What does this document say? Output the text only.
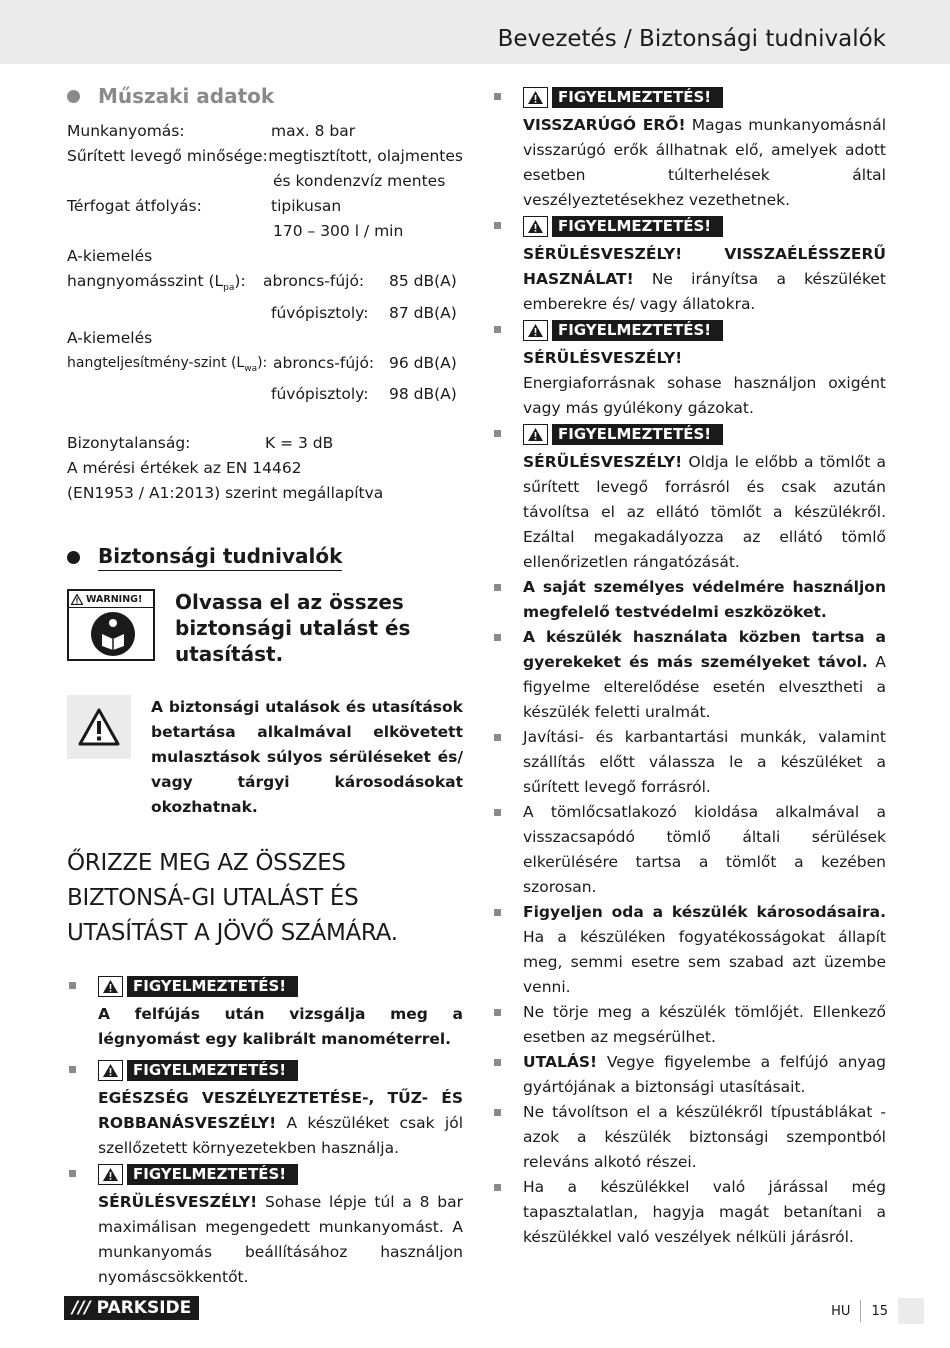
Bevezetés / Biztonsági tudnivalók
Műszaki adatok
Munkanyomás:	max. 8 bar
Sűrített levegő minősége: megtisztított, olajmentes
és kondenzvíz mentes
Térfogat átfolyás:	tipikusan
170 – 300 l / min
A-kiemelés
hangnyomásszint $(L_{pa})$:	abroncs-fújó:	85 dB(A)
fúvópisztoly:	87 dB(A)
A-kiemelés
hangteljesítmény-szint $(L_{wa})$: abroncs-fújó: 96 dB(A)
fúvópisztoly:	98 dB(A)
Bizonytalanság:	K = 3 dB
A mérési értékek az EN 14462
(EN1953 / A1:2013) szerint megállapítva
Biztonsági tudnivalók
WARNING! Olvassa el az összes biztonsági utalást és utasítást.
A biztonsági utalások és utasítások betartása alkalmával elkövetett mulasztások súlyos sérüléseket és/ vagy tárgyi károsodásokat okozhatnak.
ŐRIZZE MEG AZ ÖSSZES BIZTONSÁ-GI UTALÁST ÉS UTASÍTÁST A JÖVŐ SZÁMÁRA.
FIGYELMEZTETÉS!
A felfújás után vizsgálja meg a légnyomást egy kalibrált manométerrel.
FIGYELMEZTETÉS!
EGÉSZSÉG VESZÉLYEZTETÉSE-, TŰZ- ÉS ROBBANÁSVESZÉLY! A készüléket csak jól szellőzetett környezetekben használja.
FIGYELMEZTETÉS!
SÉRÜLÉSVESZÉLY! Sohase lépje túl a 8 bar maximálisan megengedett munkanyomást. A munkanyomás beállításához használjon nyomáscsökkentőt.
FIGYELMEZTETÉS!
VISSZARÚGÓ ERŐ! Magas munkanyomásnál visszarúgó erők állhatnak elő, amelyek adott esetben túlterhelések által veszélyeztetésekhez vezethetnek.
FIGYELMEZTETÉS!
SÉRÜLÉSVESZÉLY! VISSZAÉLÉSSZERŰ HASZNÁLAT! Ne irányítsa a készüléket emberekre és/ vagy állatokra.
FIGYELMEZTETÉS!
SÉRÜLÉSVESZÉLY!
Energiaforrásnak sohase használjon oxigént vagy más gyúlékony gázokat.
FIGYELMEZTETÉS!
SÉRÜLÉSVESZÉLY! Oldja le előbb a tömlőt a sűrített levegő forrásról és csak azután távolítsa el az ellátó tömlőt a készülékről. Ezáltal megakadályozza az ellátó tömlő ellenőrizetlen rángatózását.
A saját személyes védelmére használjon megfelelő testvédelmi eszközöket.
A készülék használata közben tartsa a gyerekeket és más személyeket távol. A figyelme elterelődése esetén elvesztheti a készülék feletti uralmát.
Javítási- és karbantartási munkák, valamint szállítás előtt válassza le a készüléket a sűrített levegő forrásról.
A tömlőcsatlakozó kioldása alkalmával a visszacsapódó tömlő általi sérülések elkerülésére tartsa a tömlőt a kezében szorosan.
Figyeljen oda a készülék károsodásaira. Ha a készüléken fogyatékosságokat állapít meg, semmi esetre sem szabad azt üzembe venni.
Ne törje meg a készülék tömlőjét. Ellenkező esetben az megsérülhet.
UTALÁS! Vegye figyelembe a felfújó anyag gyártójának a biztonsági utasításait.
Ne távolítson el a készülékről típustáblákat - azok a készülék biztonsági szempontból releváns alkotó részei.
Ha a készülékkel való járással még tapasztalatlan, hagyja magát betanítani a készülékkel való veszélyek nélküli járásról.
/// PARKSIDE	HU 15
